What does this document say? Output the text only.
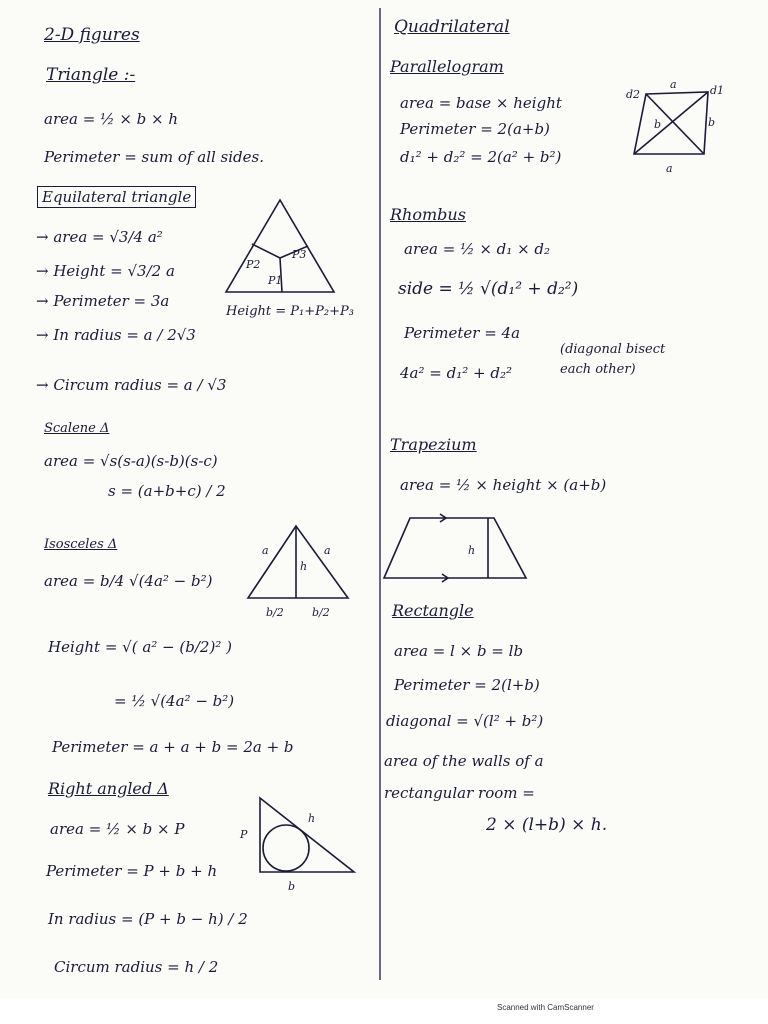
2-D figures
Triangle :-
area = ½ × b × h
Perimeter = sum of all sides.
Equilateral triangle
→ area = √3/4 a²
→ Height = √3/2 a
→ Perimeter = 3a
→ In radius = a / 2√3
→ Circum radius = a / √3
Height = P₁+P₂+P₃
P2
P3
P1
Scalene Δ
area = √s(s-a)(s-b)(s-c)
s = (a+b+c) / 2
Isosceles Δ
area = b/4 √(4a² − b²)
Height = √( a² − (b/2)² )
= ½ √(4a² − b²)
Perimeter = a + a + b = 2a + b
a	a
h
b/2	b/2
Right angled Δ
area = ½ × b × P
Perimeter = P + b + h
In radius = (P + b − h) / 2
Circum radius = h / 2
P
h
b
Quadrilateral
Parallelogram
area = base × height
Perimeter = 2(a+b)
d₁² + d₂² = 2(a² + b²)
a
d2	d1
b	b
a
Rhombus
area = ½ × d₁ × d₂
side = ½ √(d₁² + d₂²)
Perimeter = 4a
4a² = d₁² + d₂²
(diagonal bisect each other)
Trapezium
area = ½ × height × (a+b)
h
Rectangle
area = l × b = lb
Perimeter = 2(l+b)
diagonal = √(l² + b²)
area of the walls of a
rectangular room =
2 × (l+b) × h.
Scanned with CamScanner
